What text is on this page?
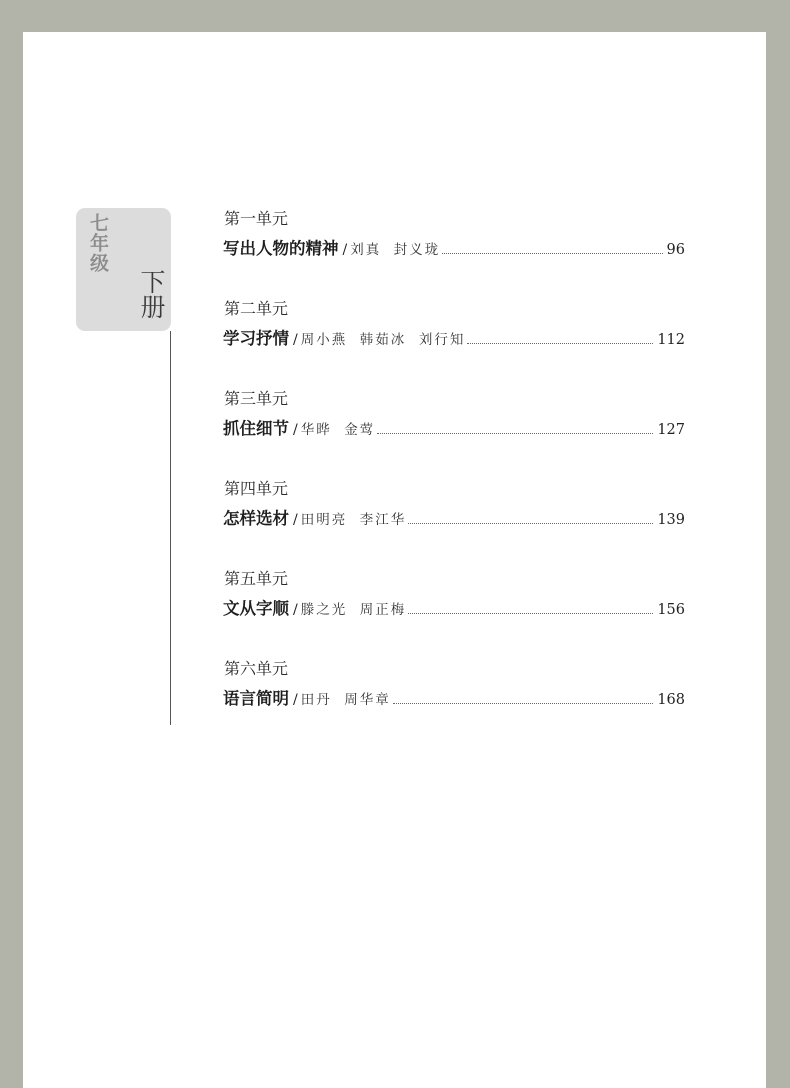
七年级
下册
第一单元
写出人物的精神 / 刘真  封义珑	96
第二单元
学习抒情 / 周小燕  韩茹冰  刘行知	112
第三单元
抓住细节 / 华晔  金莺	127
第四单元
怎样选材 / 田明亮  李江华	139
第五单元
文从字顺 / 滕之光  周正梅	156
第六单元
语言简明 / 田丹  周华章	168
